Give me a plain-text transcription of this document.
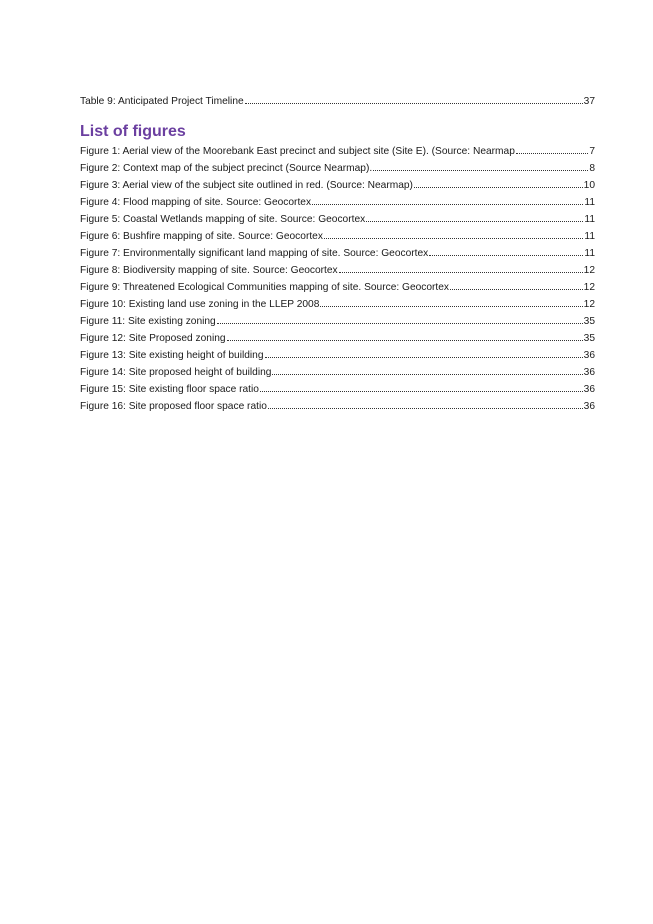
Table 9: Anticipated Project Timeline	37
List of figures
Figure 1: Aerial view of the Moorebank East precinct and subject site (Site E). (Source: Nearmap	7
Figure 2: Context map of the subject precinct (Source Nearmap).	8
Figure 3: Aerial view of the subject site outlined in red. (Source: Nearmap)	10
Figure 4: Flood mapping of site. Source: Geocortex	11
Figure 5: Coastal Wetlands mapping of site. Source: Geocortex	11
Figure 6: Bushfire mapping of site. Source: Geocortex	11
Figure 7: Environmentally significant land mapping of site. Source: Geocortex	11
Figure 8: Biodiversity mapping of site. Source: Geocortex	12
Figure 9: Threatened Ecological Communities mapping of site. Source: Geocortex	12
Figure 10: Existing land use zoning in the LLEP 2008	12
Figure 11: Site existing zoning	35
Figure 12: Site Proposed zoning	35
Figure 13: Site existing height of building	36
Figure 14: Site proposed height of building	36
Figure 15: Site existing floor space ratio	36
Figure 16: Site proposed floor space ratio	36
